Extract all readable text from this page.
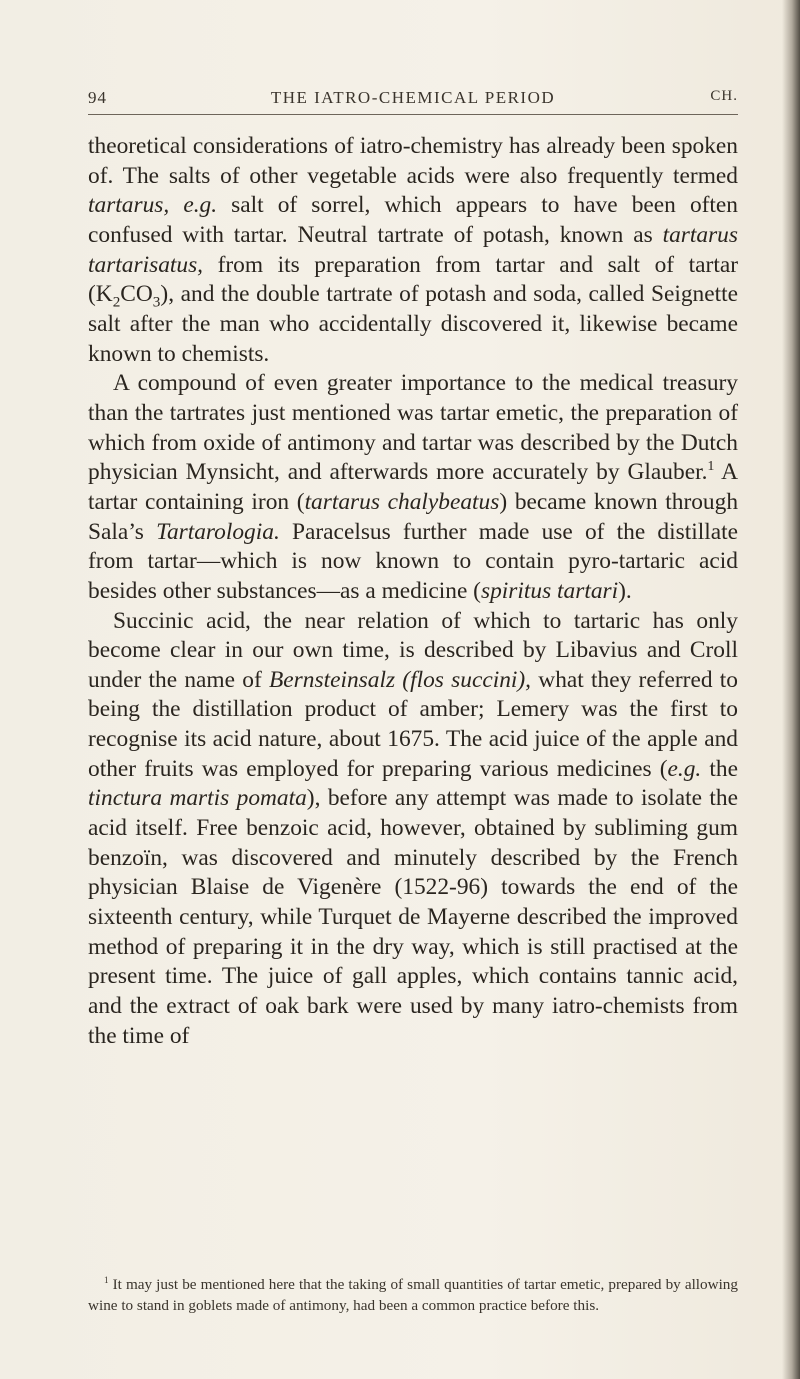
94	THE IATRO-CHEMICAL PERIOD	CH.

theoretical considerations of iatro-chemistry has already been spoken of. The salts of other vegetable acids were also frequently termed tartarus, e.g. salt of sorrel, which appears to have been often confused with tartar. Neutral tartrate of potash, known as tartarus tartarisatus, from its preparation from tartar and salt of tartar $(K_2CO_3)$, and the double tartrate of potash and soda, called Seignette salt after the man who accidentally discovered it, likewise became known to chemists.

A compound of even greater importance to the medical treasury than the tartrates just mentioned was tartar emetic, the preparation of which from oxide of antimony and tartar was described by the Dutch physician Mynsicht, and afterwards more accurately by Glauber.$^1$ A tartar containing iron (tartarus chalybeatus) became known through Sala’s Tartarologia. Paracelsus further made use of the distillate from tartar—which is now known to contain pyro-tartaric acid besides other substances—as a medicine (spiritus tartari).

Succinic acid, the near relation of which to tartaric has only become clear in our own time, is described by Libavius and Croll under the name of Bernsteinsalz (flos succini), what they referred to being the distillation product of amber; Lemery was the first to recognise its acid nature, about 1675. The acid juice of the apple and other fruits was employed for preparing various medicines (e.g. the tinctura martis pomata), before any attempt was made to isolate the acid itself. Free benzoic acid, however, obtained by subliming gum benzoïn, was discovered and minutely described by the French physician Blaise de Vigenère (1522-96) towards the end of the sixteenth century, while Turquet de Mayerne described the improved method of preparing it in the dry way, which is still practised at the present time. The juice of gall apples, which contains tannic acid, and the extract of oak bark were used by many iatro-chemists from the time of

$^1$ It may just be mentioned here that the taking of small quantities of tartar emetic, prepared by allowing wine to stand in goblets made of antimony, had been a common practice before this.
